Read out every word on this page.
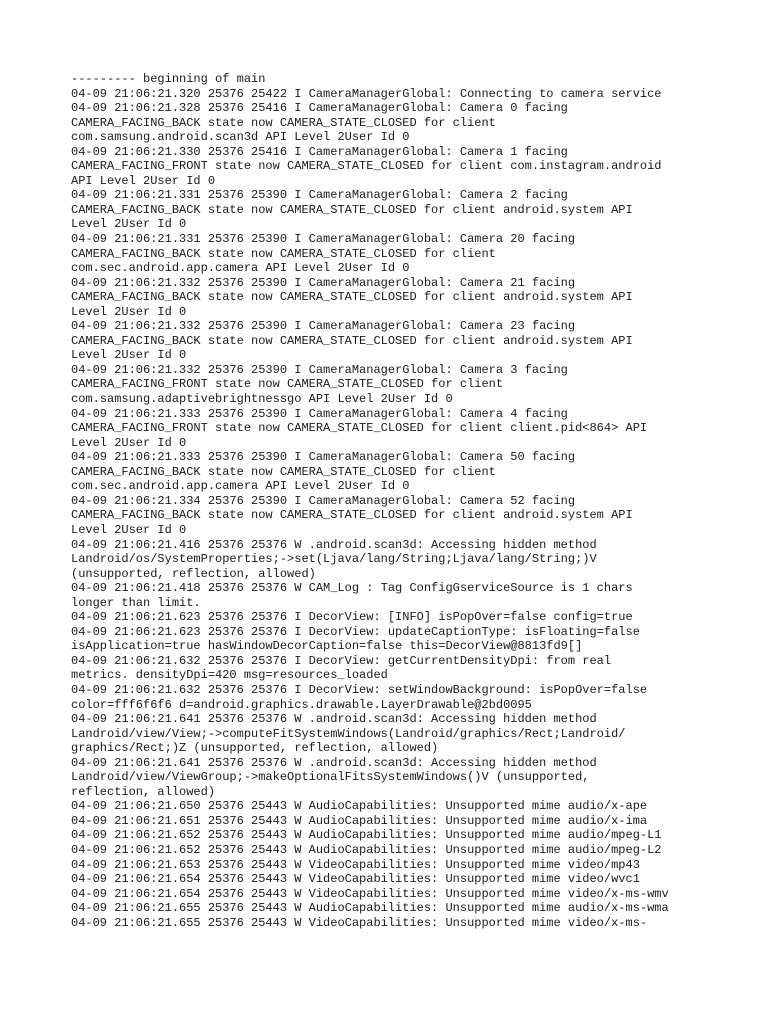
--------- beginning of main
04-09 21:06:21.320 25376 25422 I CameraManagerGlobal: Connecting to camera service
04-09 21:06:21.328 25376 25416 I CameraManagerGlobal: Camera 0 facing
CAMERA_FACING_BACK state now CAMERA_STATE_CLOSED for client
com.samsung.android.scan3d API Level 2User Id 0
04-09 21:06:21.330 25376 25416 I CameraManagerGlobal: Camera 1 facing
CAMERA_FACING_FRONT state now CAMERA_STATE_CLOSED for client com.instagram.android
API Level 2User Id 0
04-09 21:06:21.331 25376 25390 I CameraManagerGlobal: Camera 2 facing
CAMERA_FACING_BACK state now CAMERA_STATE_CLOSED for client android.system API
Level 2User Id 0
04-09 21:06:21.331 25376 25390 I CameraManagerGlobal: Camera 20 facing
CAMERA_FACING_BACK state now CAMERA_STATE_CLOSED for client
com.sec.android.app.camera API Level 2User Id 0
04-09 21:06:21.332 25376 25390 I CameraManagerGlobal: Camera 21 facing
CAMERA_FACING_BACK state now CAMERA_STATE_CLOSED for client android.system API
Level 2User Id 0
04-09 21:06:21.332 25376 25390 I CameraManagerGlobal: Camera 23 facing
CAMERA_FACING_BACK state now CAMERA_STATE_CLOSED for client android.system API
Level 2User Id 0
04-09 21:06:21.332 25376 25390 I CameraManagerGlobal: Camera 3 facing
CAMERA_FACING_FRONT state now CAMERA_STATE_CLOSED for client
com.samsung.adaptivebrightnessgo API Level 2User Id 0
04-09 21:06:21.333 25376 25390 I CameraManagerGlobal: Camera 4 facing
CAMERA_FACING_FRONT state now CAMERA_STATE_CLOSED for client client.pid<864> API
Level 2User Id 0
04-09 21:06:21.333 25376 25390 I CameraManagerGlobal: Camera 50 facing
CAMERA_FACING_BACK state now CAMERA_STATE_CLOSED for client
com.sec.android.app.camera API Level 2User Id 0
04-09 21:06:21.334 25376 25390 I CameraManagerGlobal: Camera 52 facing
CAMERA_FACING_BACK state now CAMERA_STATE_CLOSED for client android.system API
Level 2User Id 0
04-09 21:06:21.416 25376 25376 W .android.scan3d: Accessing hidden method
Landroid/os/SystemProperties;->set(Ljava/lang/String;Ljava/lang/String;)V
(unsupported, reflection, allowed)
04-09 21:06:21.418 25376 25376 W CAM_Log : Tag ConfigGserviceSource is 1 chars
longer than limit.
04-09 21:06:21.623 25376 25376 I DecorView: [INFO] isPopOver=false config=true
04-09 21:06:21.623 25376 25376 I DecorView: updateCaptionType: isFloating=false
isApplication=true hasWindowDecorCaption=false this=DecorView@8813fd9[]
04-09 21:06:21.632 25376 25376 I DecorView: getCurrentDensityDpi: from real
metrics. densityDpi=420 msg=resources_loaded
04-09 21:06:21.632 25376 25376 I DecorView: setWindowBackground: isPopOver=false
color=fff6f6f6 d=android.graphics.drawable.LayerDrawable@2bd0095
04-09 21:06:21.641 25376 25376 W .android.scan3d: Accessing hidden method
Landroid/view/View;->computeFitSystemWindows(Landroid/graphics/Rect;Landroid/
graphics/Rect;)Z (unsupported, reflection, allowed)
04-09 21:06:21.641 25376 25376 W .android.scan3d: Accessing hidden method
Landroid/view/ViewGroup;->makeOptionalFitsSystemWindows()V (unsupported,
reflection, allowed)
04-09 21:06:21.650 25376 25443 W AudioCapabilities: Unsupported mime audio/x-ape
04-09 21:06:21.651 25376 25443 W AudioCapabilities: Unsupported mime audio/x-ima
04-09 21:06:21.652 25376 25443 W AudioCapabilities: Unsupported mime audio/mpeg-L1
04-09 21:06:21.652 25376 25443 W AudioCapabilities: Unsupported mime audio/mpeg-L2
04-09 21:06:21.653 25376 25443 W VideoCapabilities: Unsupported mime video/mp43
04-09 21:06:21.654 25376 25443 W VideoCapabilities: Unsupported mime video/wvc1
04-09 21:06:21.654 25376 25443 W VideoCapabilities: Unsupported mime video/x-ms-wmv
04-09 21:06:21.655 25376 25443 W AudioCapabilities: Unsupported mime audio/x-ms-wma
04-09 21:06:21.655 25376 25443 W VideoCapabilities: Unsupported mime video/x-ms-
